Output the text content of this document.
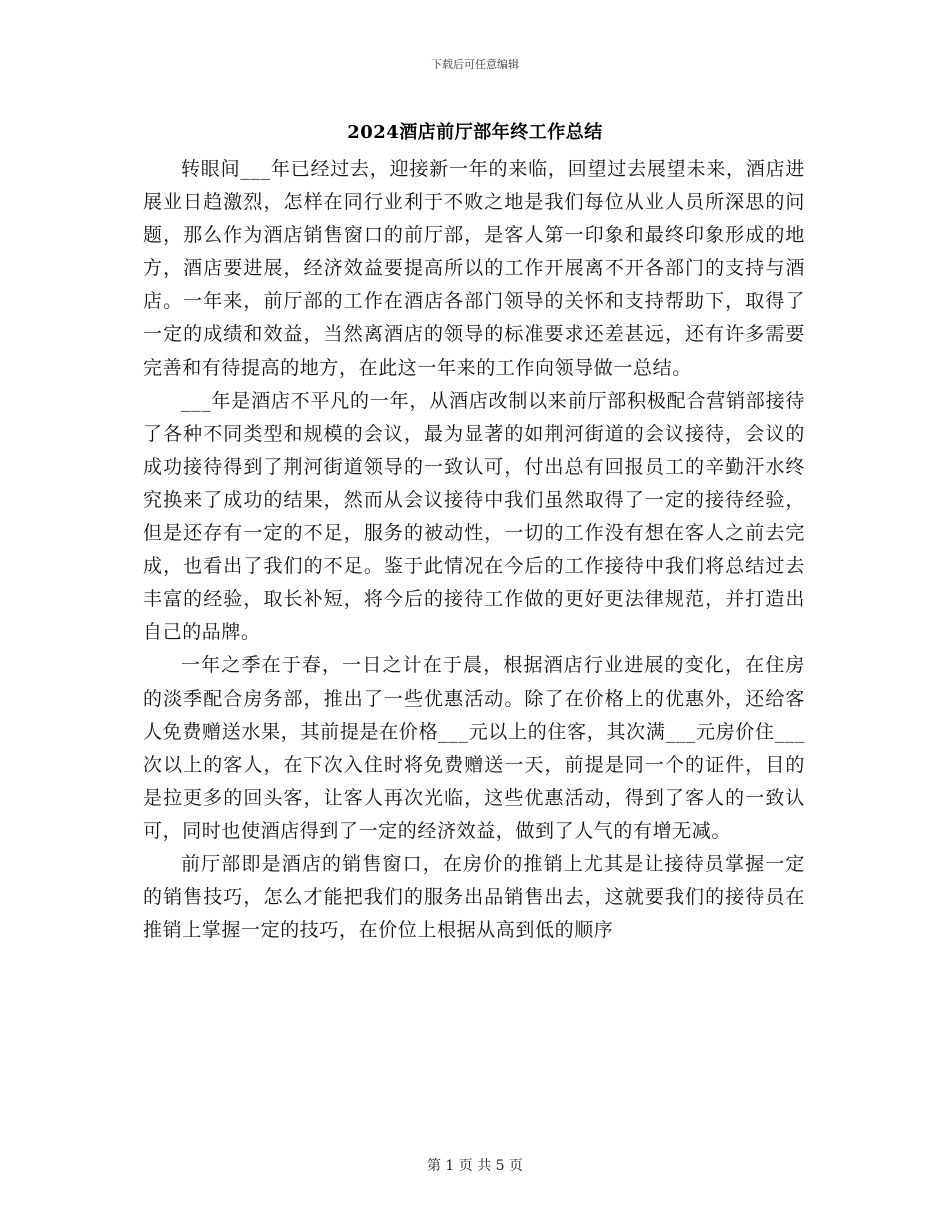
下载后可任意编辑
2024酒店前厅部年终工作总结

转眼间___年已经过去，迎接新一年的来临，回望过去展望未来，酒店进展业日趋激烈，怎样在同行业利于不败之地是我们每位从业人员所深思的问题，那么作为酒店销售窗口的前厅部，是客人第一印象和最终印象形成的地方，酒店要进展，经济效益要提高所以的工作开展离不开各部门的支持与酒店。一年来，前厅部的工作在酒店各部门领导的关怀和支持帮助下，取得了一定的成绩和效益，当然离酒店的领导的标准要求还差甚远，还有许多需要完善和有待提高的地方，在此这一年来的工作向领导做一总结。

___年是酒店不平凡的一年，从酒店改制以来前厅部积极配合营销部接待了各种不同类型和规模的会议，最为显著的如荆河街道的会议接待，会议的成功接待得到了荆河街道领导的一致认可，付出总有回报员工的辛勤汗水终究换来了成功的结果，然而从会议接待中我们虽然取得了一定的接待经验，但是还存有一定的不足，服务的被动性，一切的工作没有想在客人之前去完成，也看出了我们的不足。鉴于此情况在今后的工作接待中我们将总结过去丰富的经验，取长补短，将今后的接待工作做的更好更法律规范，并打造出自己的品牌。

一年之季在于春，一日之计在于晨，根据酒店行业进展的变化，在住房的淡季配合房务部，推出了一些优惠活动。除了在价格上的优惠外，还给客人免费赠送水果，其前提是在价格___元以上的住客，其次满___元房价住___次以上的客人，在下次入住时将免费赠送一天，前提是同一个的证件，目的是拉更多的回头客，让客人再次光临，这些优惠活动，得到了客人的一致认可，同时也使酒店得到了一定的经济效益，做到了人气的有增无减。

前厅部即是酒店的销售窗口，在房价的推销上尤其是让接待员掌握一定的销售技巧，怎么才能把我们的服务出品销售出去，这就要我们的接待员在推销上掌握一定的技巧，在价位上根据从高到低的顺序

第 1 页 共 5 页
